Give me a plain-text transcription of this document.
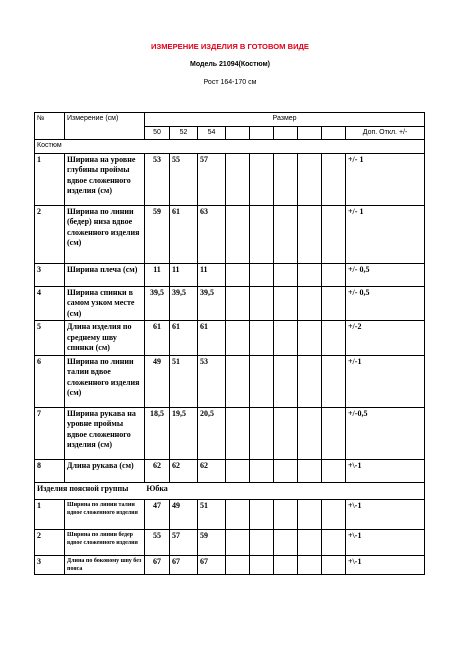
ИЗМЕРЕНИЕ ИЗДЕЛИЯ В ГОТОВОМ ВИДЕ
Модель 21094(Костюм)
Рост 164-170 см
№	Измерение (см)	Размер								
		50	52	54						Доп. Откл. +/-
Костюм										
1	Ширина на уровне глубины проймы вдвое сложенного изделия (см)	53	55	57						+/- 1
2	Ширина по линии (бедер) низа вдвое сложенного изделия (см)	59	61	63						+/- 1
3	Ширина плеча (см)	11	11	11						+/- 0,5
4	Ширина спинки в самом узком месте (см)	39,5	39,5	39,5						+/- 0,5
5	Длина изделия по среднему шву спинки (см)	61	61	61						+/-2
6	Ширина по линии талии вдвое сложенного изделия (см)	49	51	53						+/-1
7	Ширина рукава на уровне проймы вдвое сложенного изделия (см)	18,5	19,5	20,5						+/-0,5
8	Длина рукава (см)	62	62	62						+\-1
Изделия поясной группы Юбка										
1	Ширина по линии талии вдвое сложенного изделия	47	49	51						+\-1
2	Ширина по линии бедер вдвое сложенного изделия	55	57	59						+\-1
3	Длина по боковому шву без пояса	67	67	67						+\-1
